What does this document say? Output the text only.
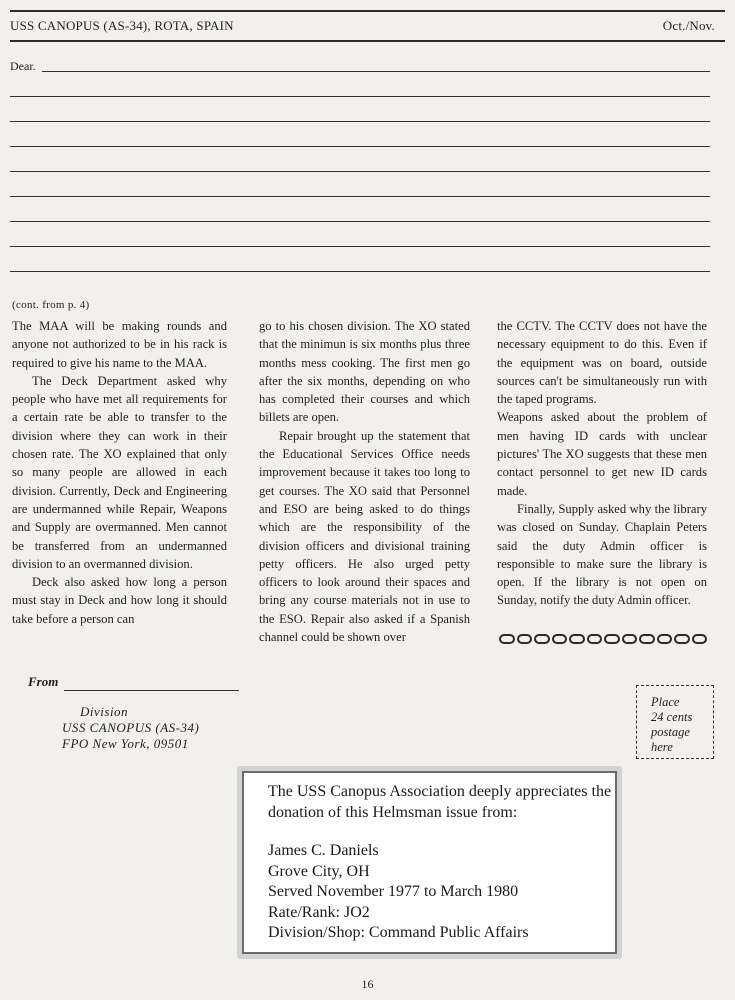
USS CANOPUS (AS-34), ROTA, SPAIN	Oct./Nov.
Dear.
(cont. from p. 4)

The MAA will be making rounds and anyone not authorized to be in his rack is required to give his name to the MAA.

The Deck Department asked why people who have met all requirements for a certain rate be able to transfer to the division where they can work in their chosen rate. The XO explained that only so many people are allowed in each division. Currently, Deck and Engineering are undermanned while Repair, Weapons and Supply are overmanned. Men cannot be transferred from an undermanned division to an overmanned division.

Deck also asked how long a person must stay in Deck and how long it should take before a person can

go to his chosen division. The XO stated that the minimun is six months plus three months mess cooking. The first men go after the six months, depending on who has completed their courses and which billets are open.

Repair brought up the statement that the Educational Services Office needs improvement because it takes too long to get courses. The XO said that Personnel and ESO are being asked to do things which are the responsibility of the division officers and divisional training petty officers. He also urged petty officers to look around their spaces and bring any course materials not in use to the ESO. Repair also asked if a Spanish channel could be shown over

the CCTV. The CCTV does not have the necessary equipment to do this. Even if the equipment was on board, outside sources can't be simultaneously run with the taped programs.

Weapons asked about the problem of men having ID cards with unclear pictures' The XO suggests that these men contact personnel to get new ID cards made.

Finally, Supply asked why the library was closed on Sunday. Chaplain Peters said the duty Admin officer is responsible to make sure the library is open. If the library is not open on Sunday, notify the duty Admin officer.

From
Division
USS CANOPUS (AS-34)
FPO New York, 09501
Place
24 cents
postage
here
The USS Canopus Association deeply appreciates the donation of this Helmsman issue from:
James C. Daniels
Grove City, OH
Served November 1977 to March 1980
Rate/Rank: JO2
Division/Shop: Command Public Affairs
16
